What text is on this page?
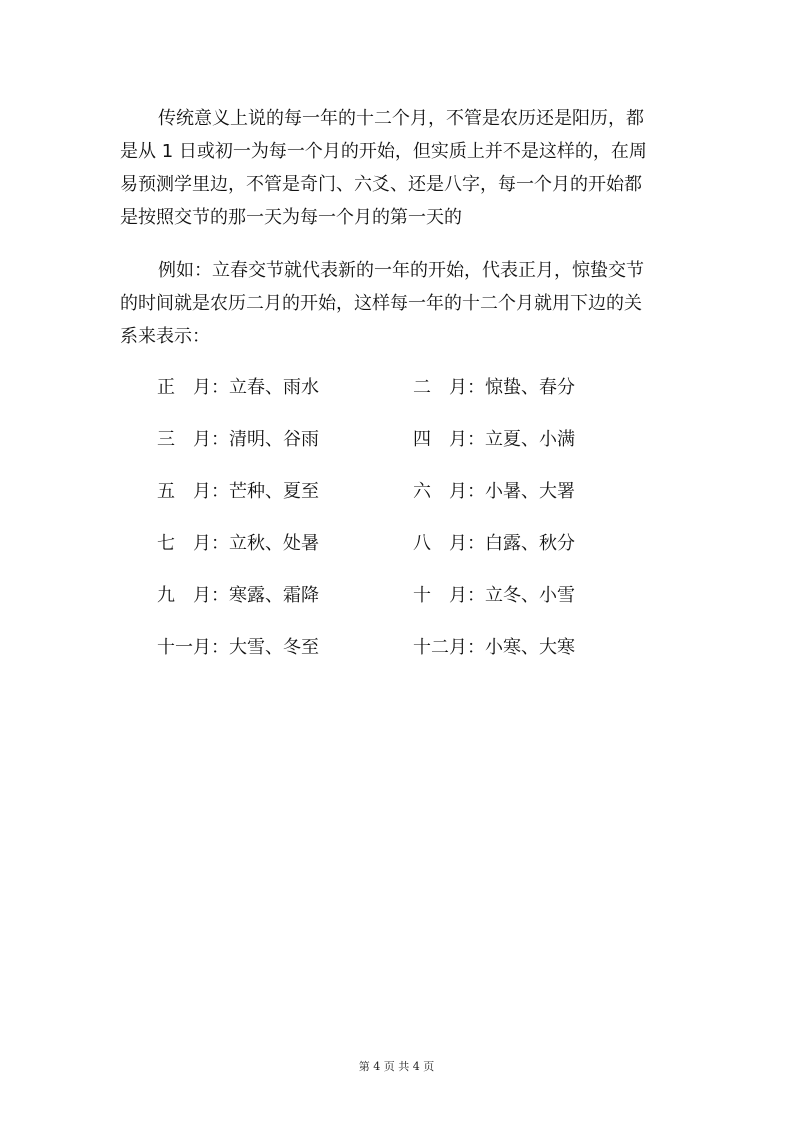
传统意义上说的每一年的十二个月，不管是农历还是阳历，都
是从 1 日或初一为每一个月的开始，但实质上并不是这样的，在周
易预测学里边，不管是奇门、六爻、还是八字，每一个月的开始都
是按照交节的那一天为每一个月的第一天的
例如：立春交节就代表新的一年的开始，代表正月，惊蛰交节
的时间就是农历二月的开始，这样每一年的十二个月就用下边的关
系来表示：
正月：立春、雨水	二月：惊蛰、春分
三月：清明、谷雨	四月：立夏、小满
五月：芒种、夏至	六月：小暑、大署
七月：立秋、处暑	八月：白露、秋分
九月：寒露、霜降	十月：立冬、小雪
十一月：大雪、冬至	十二月：小寒、大寒
第 4 页 共 4 页
